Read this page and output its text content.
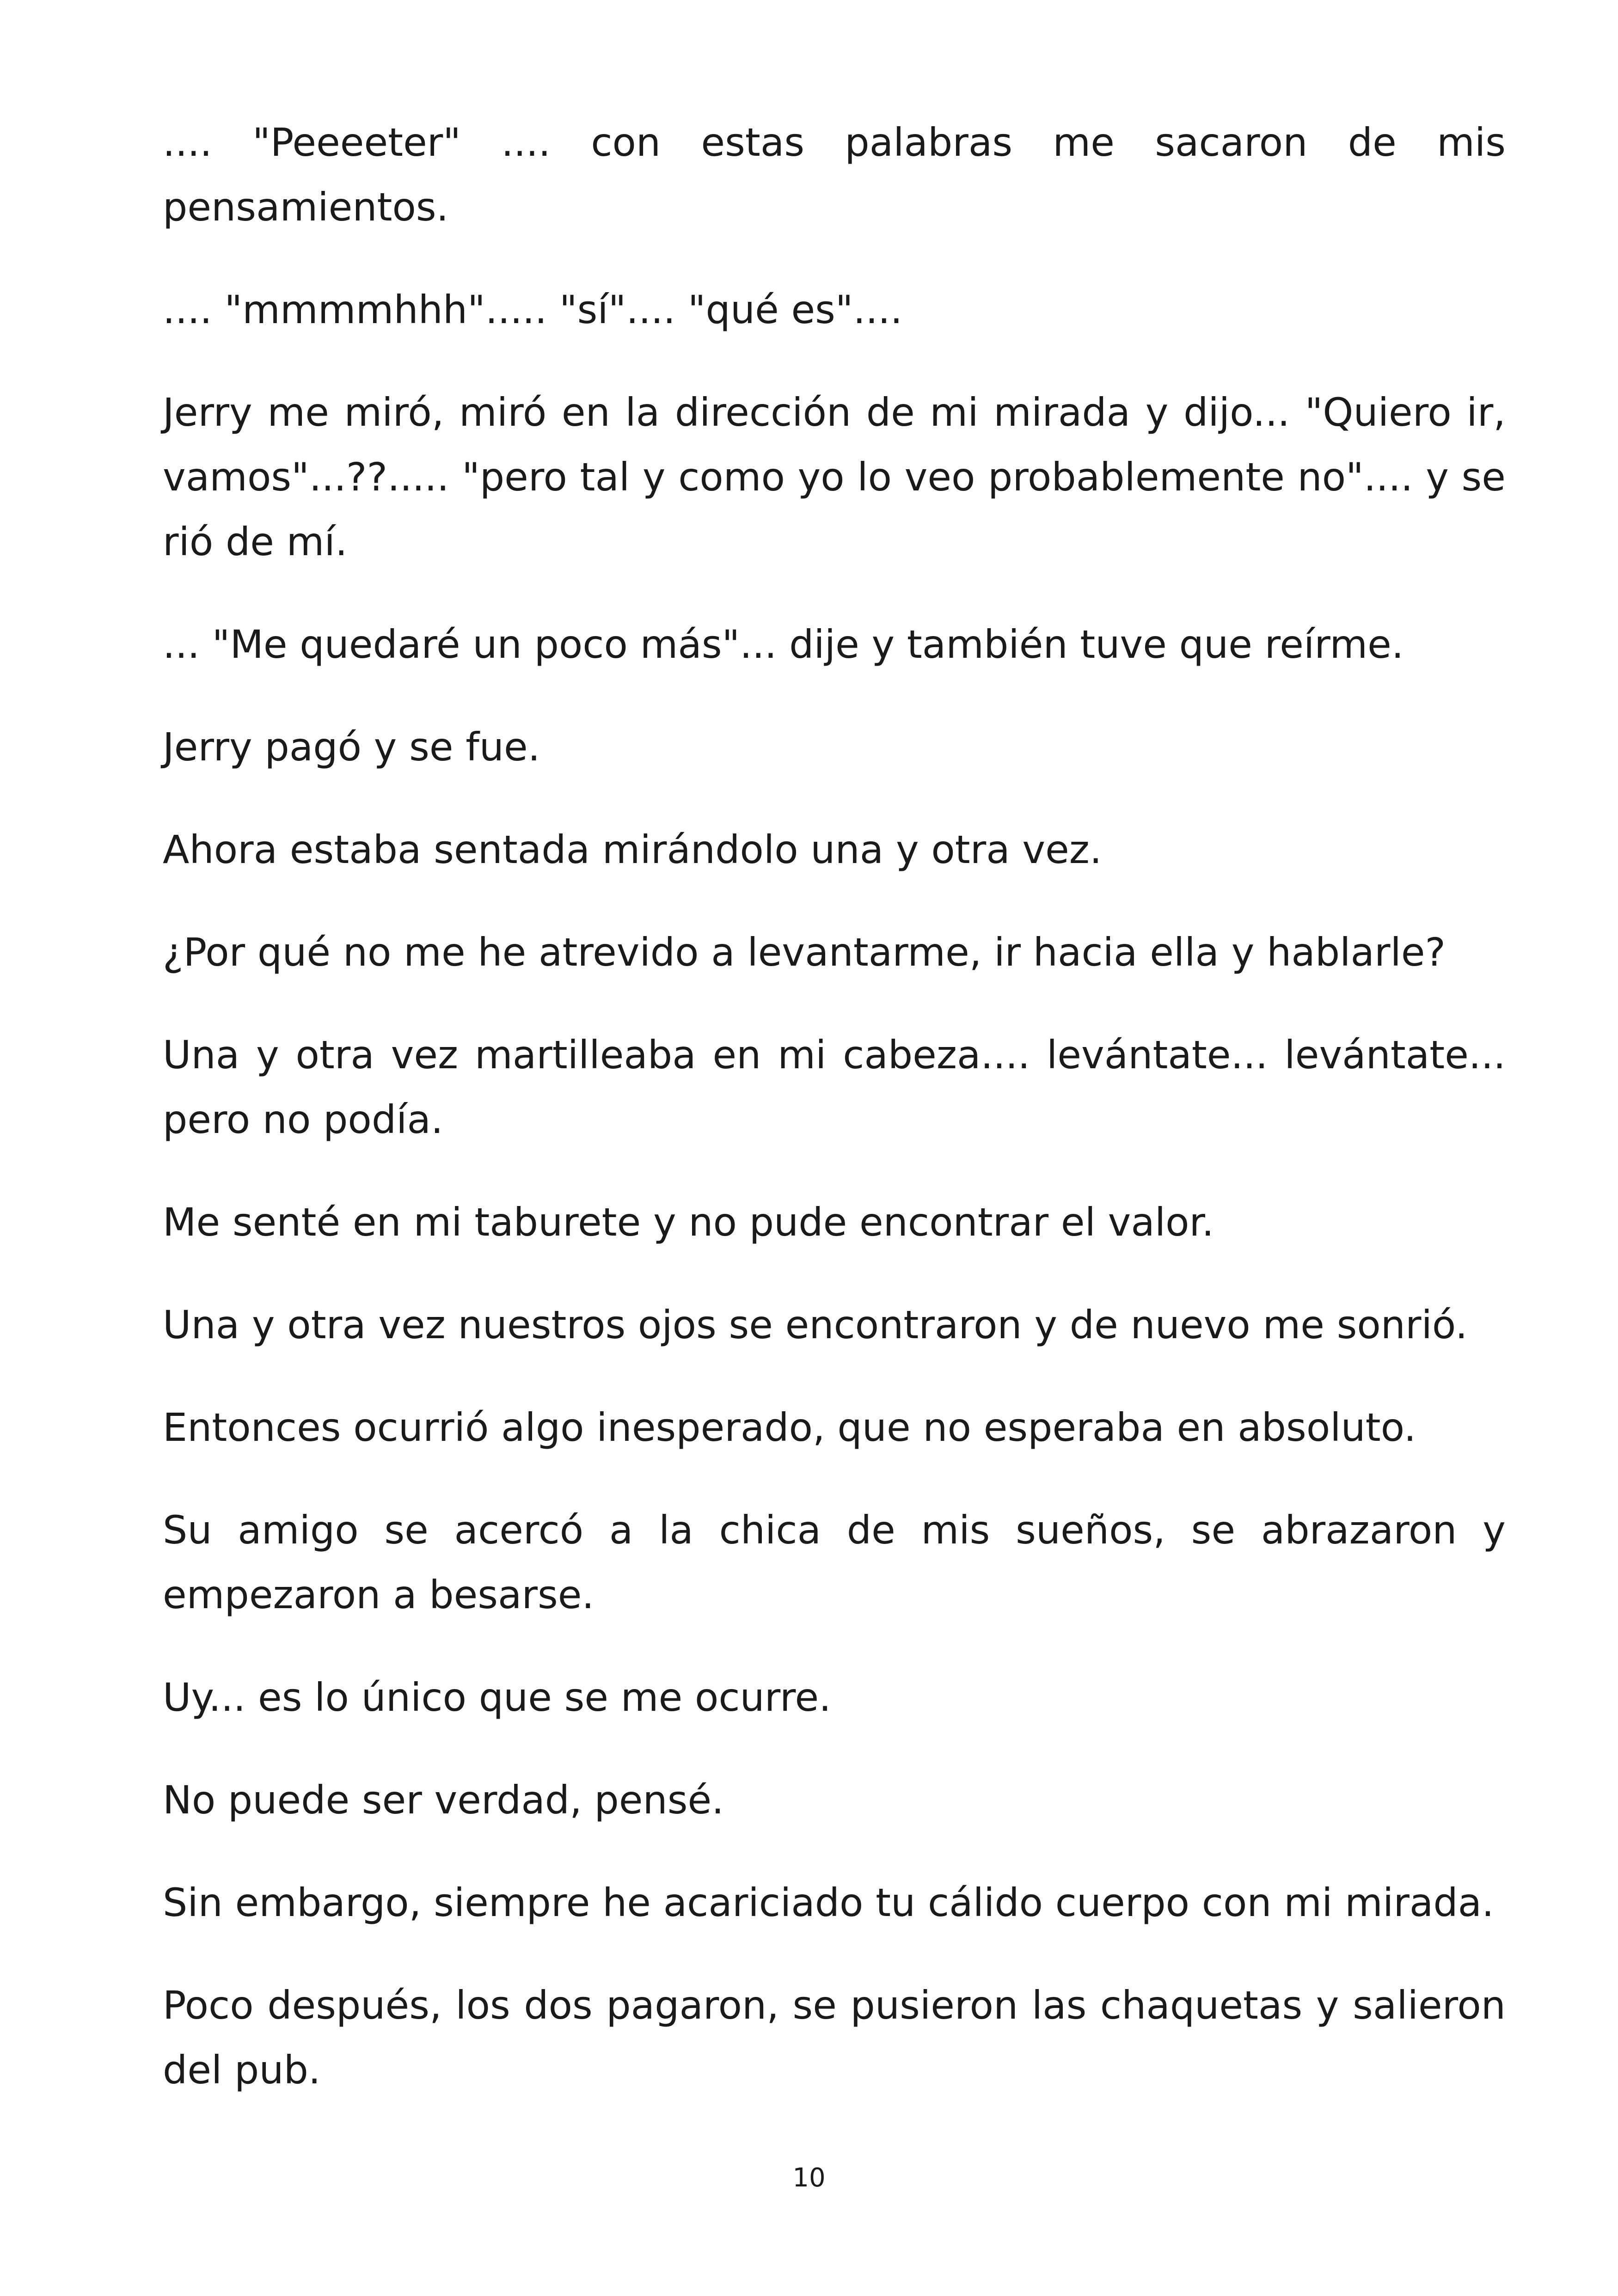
.... "Peeeeter" .... con estas palabras me sacaron de mis pensamientos.

.... "mmmmhhh"..... "sí".... "qué es"....

Jerry me miró, miró en la dirección de mi mirada y dijo... "Quiero ir, vamos"...??..... "pero tal y como yo lo veo probablemente no".... y se rió de mí.

... "Me quedaré un poco más"... dije y también tuve que reírme.

Jerry pagó y se fue.

Ahora estaba sentada mirándolo una y otra vez.

¿Por qué no me he atrevido a levantarme, ir hacia ella y hablarle?

Una y otra vez martilleaba en mi cabeza.... levántate... levántate... pero no podía.

Me senté en mi taburete y no pude encontrar el valor.

Una y otra vez nuestros ojos se encontraron y de nuevo me sonrió.

Entonces ocurrió algo inesperado, que no esperaba en absoluto.

Su amigo se acercó a la chica de mis sueños, se abrazaron y empezaron a besarse.

Uy... es lo único que se me ocurre.

No puede ser verdad, pensé.

Sin embargo, siempre he acariciado tu cálido cuerpo con mi mirada.

Poco después, los dos pagaron, se pusieron las chaquetas y salieron del pub.

10
